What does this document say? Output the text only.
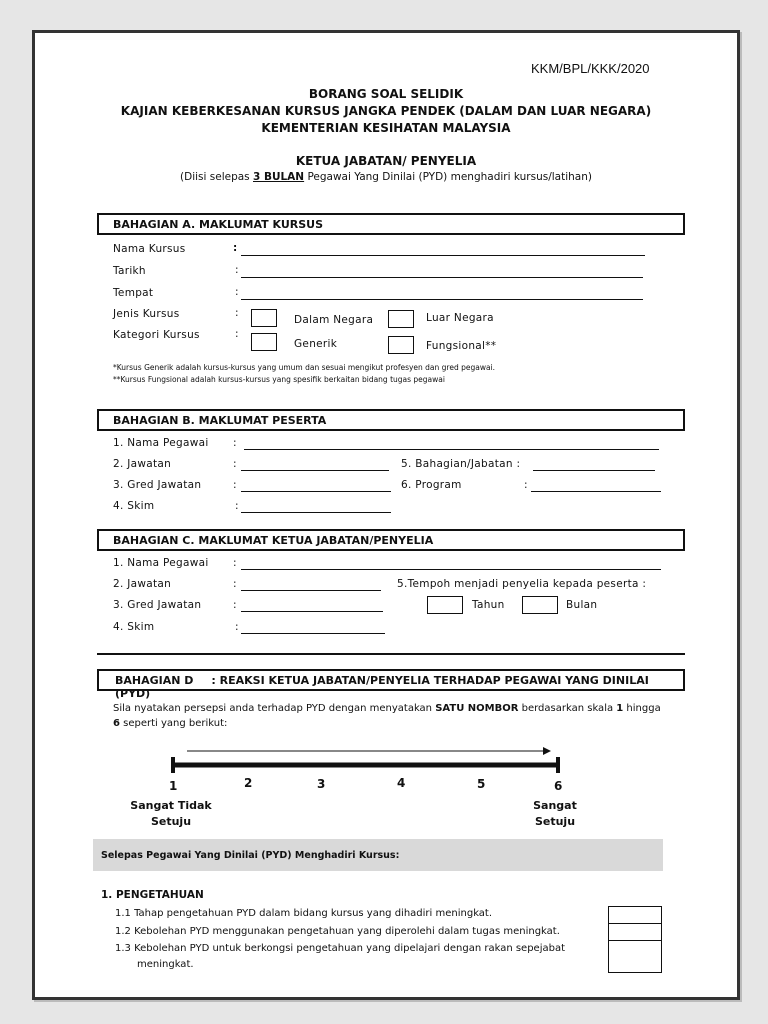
KKM/BPL/KKK/2020
BORANG SOAL SELIDIK
KAJIAN KEBERKESANAN KURSUS JANGKA PENDEK (DALAM DAN LUAR NEGARA)
KEMENTERIAN KESIHATAN MALAYSIA
KETUA JABATAN/ PENYELIA
(Diisi selepas 3 BULAN Pegawai Yang Dinilai (PYD) menghadiri kursus/latihan)
BAHAGIAN A. MAKLUMAT KURSUS
Nama Kursus	:
Tarikh	:
Tempat	:
Jenis Kursus	:
Kategori Kursus	:
Dalam Negara	Luar Negara
Generik	Fungsional**
*Kursus Generik adalah kursus-kursus yang umum dan sesuai mengikut profesyen dan gred pegawai.
**Kursus Fungsional adalah kursus-kursus yang spesifik berkaitan bidang tugas pegawai
BAHAGIAN B. MAKLUMAT PESERTA
1. Nama Pegawai :
2. Jawatan	:	5. Bahagian/Jabatan :
3. Gred Jawatan	:	6. Program	:
4. Skim	:
BAHAGIAN C. MAKLUMAT KETUA JABATAN/PENYELIA
1. Nama Pegawai :
2. Jawatan	:	5.Tempoh menjadi penyelia kepada peserta :
3. Gred Jawatan	:	Tahun	Bulan
4. Skim	:
BAHAGIAN D : REAKSI KETUA JABATAN/PENYELIA TERHADAP PEGAWAI YANG DINILAI (PYD)
Sila nyatakan persepsi anda terhadap PYD dengan menyatakan SATU NOMBOR berdasarkan skala 1 hingga
6 seperti yang berikut:
1	2	3	4	5	6
Sangat Tidak
Setuju
Sangat
Setuju
Selepas Pegawai Yang Dinilai (PYD) Menghadiri Kursus:
1. PENGETAHUAN
1.1 Tahap pengetahuan PYD dalam bidang kursus yang dihadiri meningkat.
1.2 Kebolehan PYD menggunakan pengetahuan yang diperolehi dalam tugas meningkat.
1.3 Kebolehan PYD untuk berkongsi pengetahuan yang dipelajari dengan rakan sepejabat
meningkat.
